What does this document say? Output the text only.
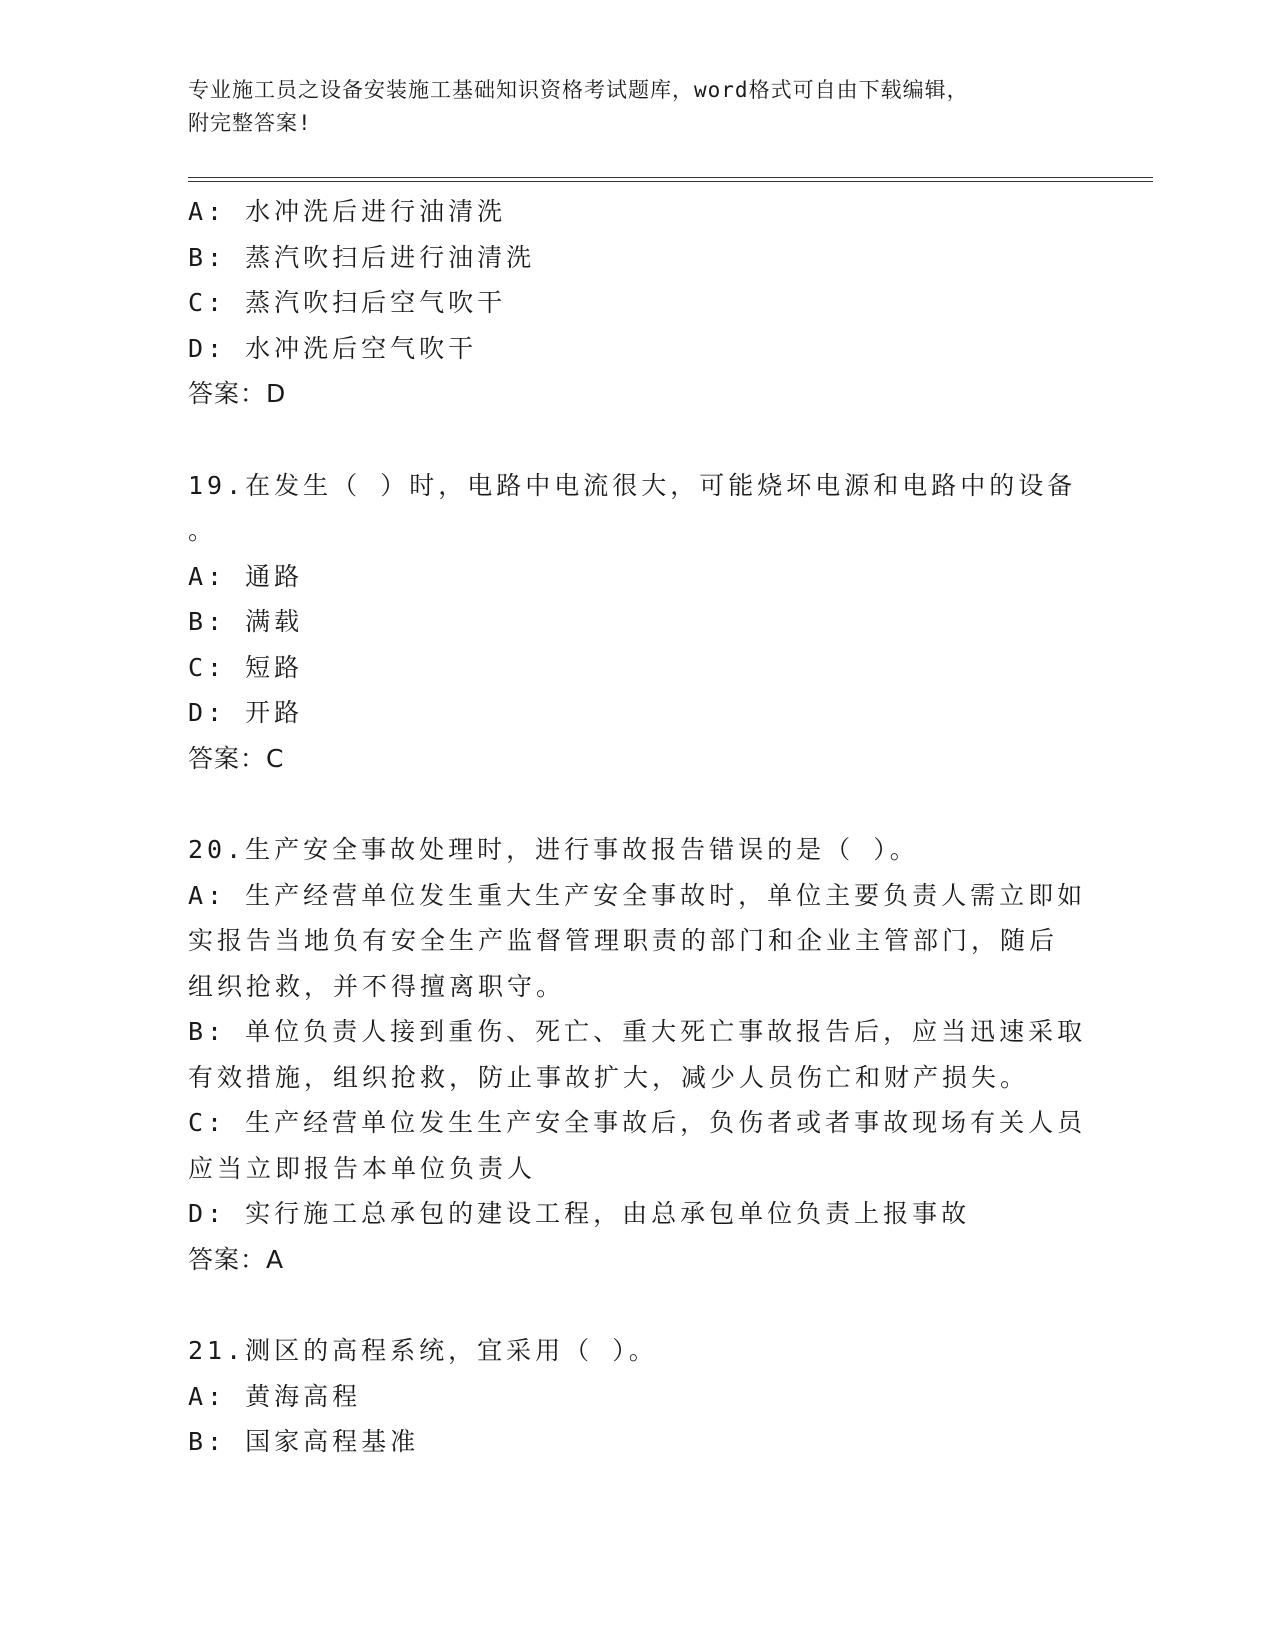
专业施工员之设备安装施工基础知识资格考试题库，word格式可自由下载编辑，
附完整答案!
A: 水冲洗后进行油清洗
B: 蒸汽吹扫后进行油清洗
C: 蒸汽吹扫后空气吹干
D: 水冲洗后空气吹干
答案：D
19.在发生（ ）时，电路中电流很大，可能烧坏电源和电路中的设备
。
A: 通路
B: 满载
C: 短路
D: 开路
答案：C
20.生产安全事故处理时，进行事故报告错误的是（ ）。
A: 生产经营单位发生重大生产安全事故时，单位主要负责人需立即如
实报告当地负有安全生产监督管理职责的部门和企业主管部门，随后
组织抢救，并不得擅离职守。
B: 单位负责人接到重伤、死亡、重大死亡事故报告后，应当迅速采取
有效措施，组织抢救，防止事故扩大，减少人员伤亡和财产损失。
C: 生产经营单位发生生产安全事故后，负伤者或者事故现场有关人员
应当立即报告本单位负责人
D: 实行施工总承包的建设工程，由总承包单位负责上报事故
答案：A
21.测区的高程系统，宜采用（ ）。
A: 黄海高程
B: 国家高程基准
